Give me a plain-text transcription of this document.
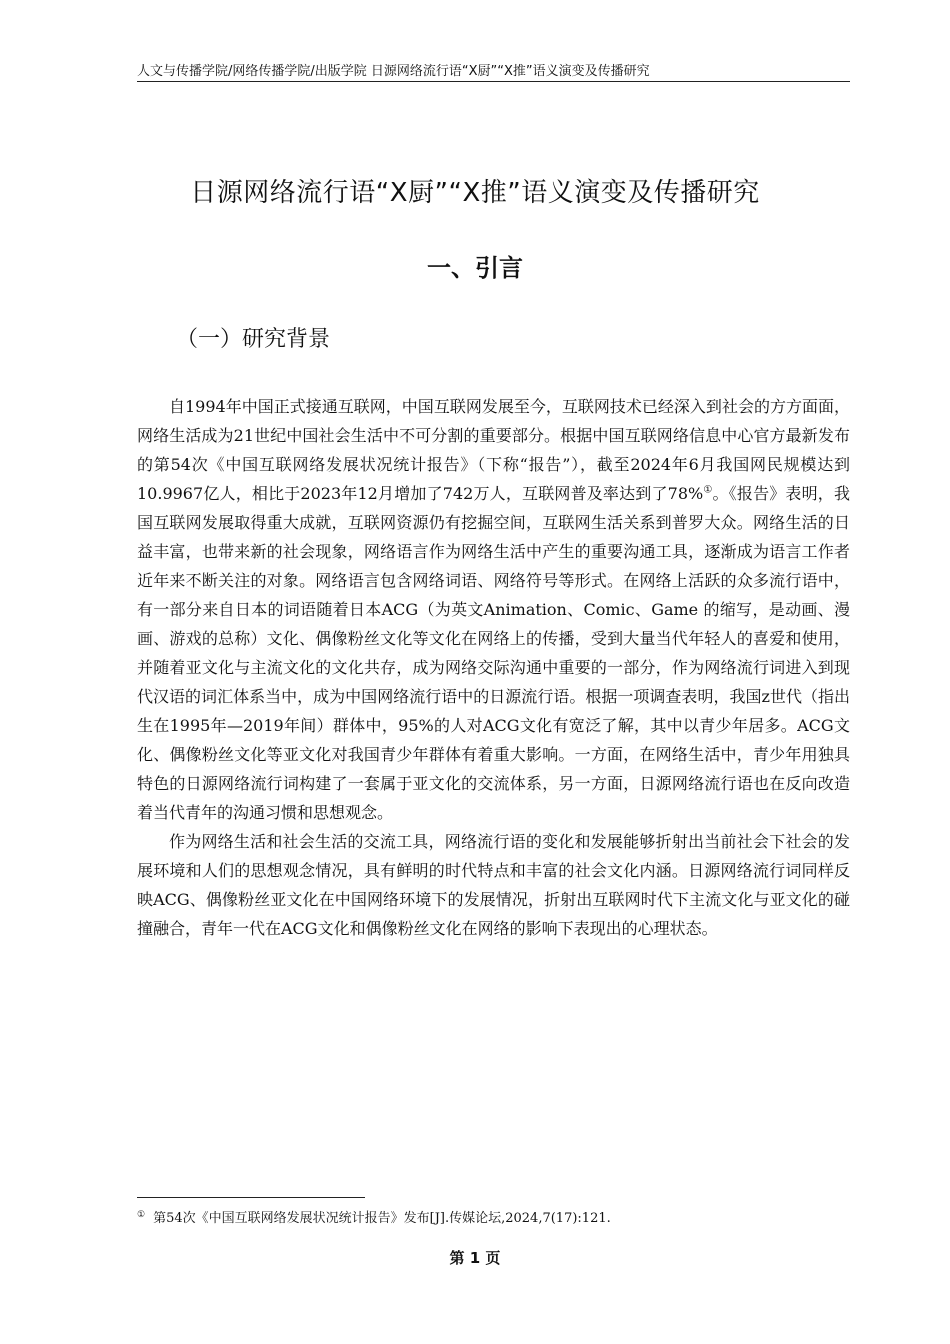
人文与传播学院/网络传播学院/出版学院 日源网络流行语“X厨”“X推”语义演变及传播研究
日源网络流行语“X厨”“X推”语义演变及传播研究
一、引言
（一）研究背景

自1994年中国正式接通互联网，中国互联网发展至今，互联网技术已经深入到社会的方方面面，网络生活成为21世纪中国社会生活中不可分割的重要部分。根据中国互联网络信息中心官方最新发布的第54次《中国互联网络发展状况统计报告》（下称“报告”），截至2024年6月我国网民规模达到10.9967亿人，相比于2023年12月增加了742万人，互联网普及率达到了78%①。《报告》表明，我国互联网发展取得重大成就，互联网资源仍有挖掘空间，互联网生活关系到普罗大众。网络生活的日益丰富，也带来新的社会现象，网络语言作为网络生活中产生的重要沟通工具，逐渐成为语言工作者近年来不断关注的对象。网络语言包含网络词语、网络符号等形式。在网络上活跃的众多流行语中，有一部分来自日本的词语随着日本ACG（为英文Animation、Comic、Game 的缩写，是动画、漫画、游戏的总称）文化、偶像粉丝文化等文化在网络上的传播，受到大量当代年轻人的喜爱和使用，并随着亚文化与主流文化的文化共存，成为网络交际沟通中重要的一部分，作为网络流行词进入到现代汉语的词汇体系当中，成为中国网络流行语中的日源流行语。根据一项调查表明，我国z世代（指出生在1995年—2019年间）群体中，95%的人对ACG文化有宽泛了解，其中以青少年居多。ACG文化、偶像粉丝文化等亚文化对我国青少年群体有着重大影响。一方面，在网络生活中，青少年用独具特色的日源网络流行词构建了一套属于亚文化的交流体系，另一方面，日源网络流行语也在反向改造着当代青年的沟通习惯和思想观念。

作为网络生活和社会生活的交流工具，网络流行语的变化和发展能够折射出当前社会下社会的发展环境和人们的思想观念情况，具有鲜明的时代特点和丰富的社会文化内涵。日源网络流行词同样反映ACG、偶像粉丝亚文化在中国网络环境下的发展情况，折射出互联网时代下主流文化与亚文化的碰撞融合，青年一代在ACG文化和偶像粉丝文化在网络的影响下表现出的心理状态。

① 第54次《中国互联网络发展状况统计报告》发布[J].传媒论坛,2024,7(17):121.
第 1 页
